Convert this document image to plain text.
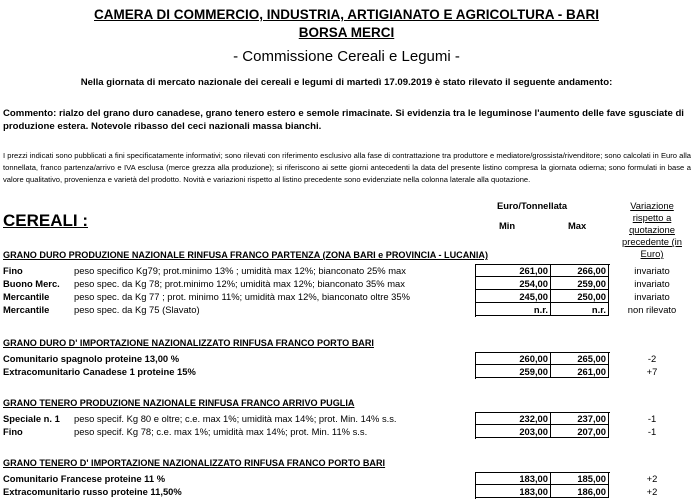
CAMERA DI COMMERCIO, INDUSTRIA, ARTIGIANATO E AGRICOLTURA - BARI
BORSA MERCI
- Commissione Cereali e Legumi -
Nella giornata di mercato nazionale dei cereali e legumi di martedì 17.09.2019 è stato rilevato il seguente andamento:
Commento: rialzo del grano duro canadese, grano tenero estero e semole rimacinate. Si evidenzia tra le leguminose l'aumento delle fave sgusciate di produzione estera. Notevole ribasso del ceci nazionali massa bianchi.
I prezzi indicati sono pubblicati a fini specificatamente informativi; sono rilevati con riferimento esclusivo alla fase di contrattazione tra produttore e mediatore/grossista/rivenditore; sono calcolati in Euro alla tonnellata, franco partenza/arrivo e IVA esclusa (merce grezza alla produzione); si riferiscono ai sette giorni antecedenti la data del presente listino compresa la giornata odierna; sono formulati in base a valore qualitativo, provenienza e varietà del prodotto. Novità e variazioni rispetto al listino precedente sono evidenziate nella colonna laterale alla quotazione.
CEREALI :
Euro/Tonnellata
Min	Max
Variazione
rispetto a quotazione precedente (in Euro)
GRANO DURO PRODUZIONE NAZIONALE RINFUSA FRANCO PARTENZA (ZONA BARI e PROVINCIA - LUCANIA)
Fino	peso specifico Kg79; prot.minimo 13% ; umidità max 12%; bianconato 25% max	261,00	266,00	invariato
Buono Merc. peso spec. da Kg 78; prot.minimo 12%; umidità max 12%; bianconato 35% max	254,00	259,00	invariato
Mercantile	peso spec. da Kg 77 ; prot. minimo 11%; umidità max 12%, bianconato oltre 35%	245,00	250,00	invariato
Mercantile	peso spec. da Kg 75 (Slavato)	n.r.	n.r.	non rilevato
GRANO DURO D' IMPORTAZIONE NAZIONALIZZATO RINFUSA FRANCO PORTO BARI
Comunitario spagnolo proteine 13,00 %	260,00	265,00	-2
Extracomunitario Canadese 1 proteine 15%	259,00	261,00	+7
GRANO TENERO PRODUZIONE NAZIONALE RINFUSA FRANCO ARRIVO PUGLIA
Speciale n. 1 peso specif. Kg 80 e oltre; c.e. max 1%; umidità max 14%; prot. Min. 14% s.s.	232,00	237,00	-1
Fino	peso specif. Kg 78; c.e. max 1%; umidità max 14%; prot. Min. 11% s.s.	203,00	207,00	-1
GRANO TENERO D' IMPORTAZIONE NAZIONALIZZATO RINFUSA FRANCO PORTO BARI
Comunitario Francese proteine 11 %	183,00	185,00	+2
Extracomunitario russo proteine 11,50%	183,00	186,00	+2
